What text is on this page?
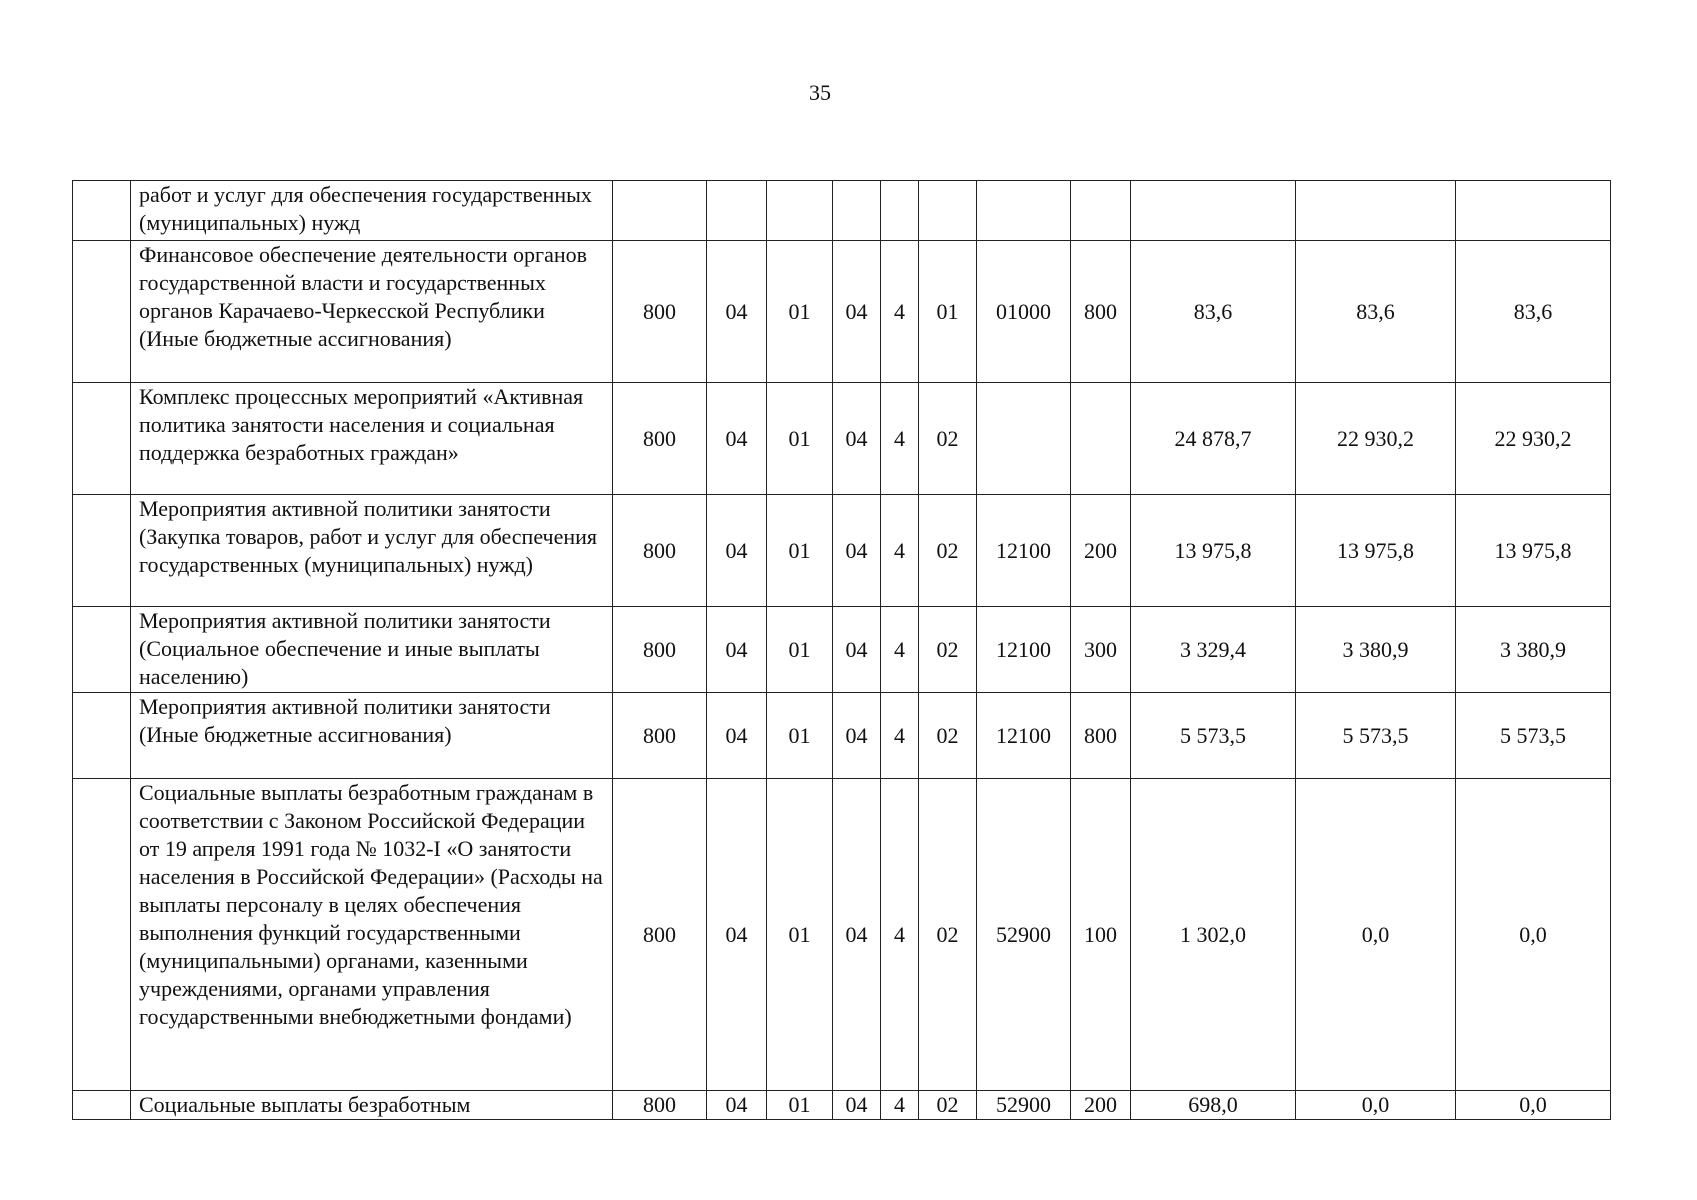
35
	работ и услуг для обеспечения государственных (муниципальных) нужд											
	Финансовое обеспечение деятельности органов государственной власти и государственных органов Карачаево-Черкесской Республики (Иные бюджетные ассигнования)	800	04	01	04	4	01	01000	800	83,6	83,6	83,6
	Комплекс процессных мероприятий «Активная политика занятости населения и социальная поддержка безработных граждан»	800	04	01	04	4	02			24 878,7	22 930,2	22 930,2
	Мероприятия активной политики занятости (Закупка товаров, работ и услуг для обеспечения государственных (муниципальных) нужд)	800	04	01	04	4	02	12100	200	13 975,8	13 975,8	13 975,8
	Мероприятия активной политики занятости (Социальное обеспечение и иные выплаты населению)	800	04	01	04	4	02	12100	300	3 329,4	3 380,9	3 380,9
	Мероприятия активной политики занятости (Иные бюджетные ассигнования)	800	04	01	04	4	02	12100	800	5 573,5	5 573,5	5 573,5
	Социальные выплаты безработным гражданам в соответствии с Законом Российской Федерации от 19 апреля 1991 года № 1032-I «О занятости населения в Российской Федерации» (Расходы на выплаты персоналу в целях обеспечения выполнения функций государственными (муниципальными) органами, казенными учреждениями, органами управления государственными внебюджетными фондами)	800	04	01	04	4	02	52900	100	1 302,0	0,0	0,0
	Социальные выплаты безработным	800	04	01	04	4	02	52900	200	698,0	0,0	0,0
